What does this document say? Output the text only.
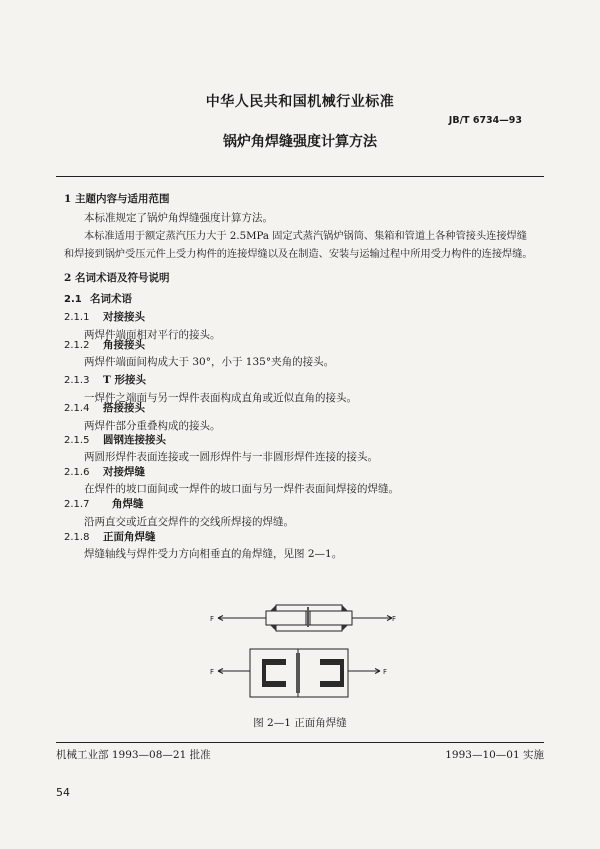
中华人民共和国机械行业标准
JB/T 6734—93
锅炉角焊缝强度计算方法
1 主题内容与适用范围
本标准规定了锅炉角焊缝强度计算方法。
本标准适用于额定蒸汽压力大于 2.5MPa 固定式蒸汽锅炉锅筒、集箱和管道上各种管接头连接焊缝
和焊接到锅炉受压元件上受力构件的连接焊缝以及在制造、安装与运输过程中所用受力构件的连接焊缝。
2 名词术语及符号说明
2.1 名词术语
2.1.1 对接接头
两焊件端面相对平行的接头。
2.1.2 角接接头
两焊件端面间构成大于 30°，小于 135°夹角的接头。
2.1.3 T 形接头
一焊件之端面与另一焊件表面构成直角或近似直角的接头。
2.1.4 搭接接头
两焊件部分重叠构成的接头。
2.1.5 圆钢连接接头
两圆形焊件表面连接或一圆形焊件与一非圆形焊件连接的接头。
2.1.6 对接焊缝
在焊件的坡口面间或一焊件的坡口面与另一焊件表面间焊接的焊缝。
2.1.7 角焊缝
沿两直交或近直交焊件的交线所焊接的焊缝。
2.1.8 正面角焊缝
焊缝轴线与焊件受力方向相垂直的角焊缝，见图 2—1。
F	F
F	F
图 2—1 正面角焊缝
机械工业部 1993—08—21 批准	1993—10—01 实施
54
